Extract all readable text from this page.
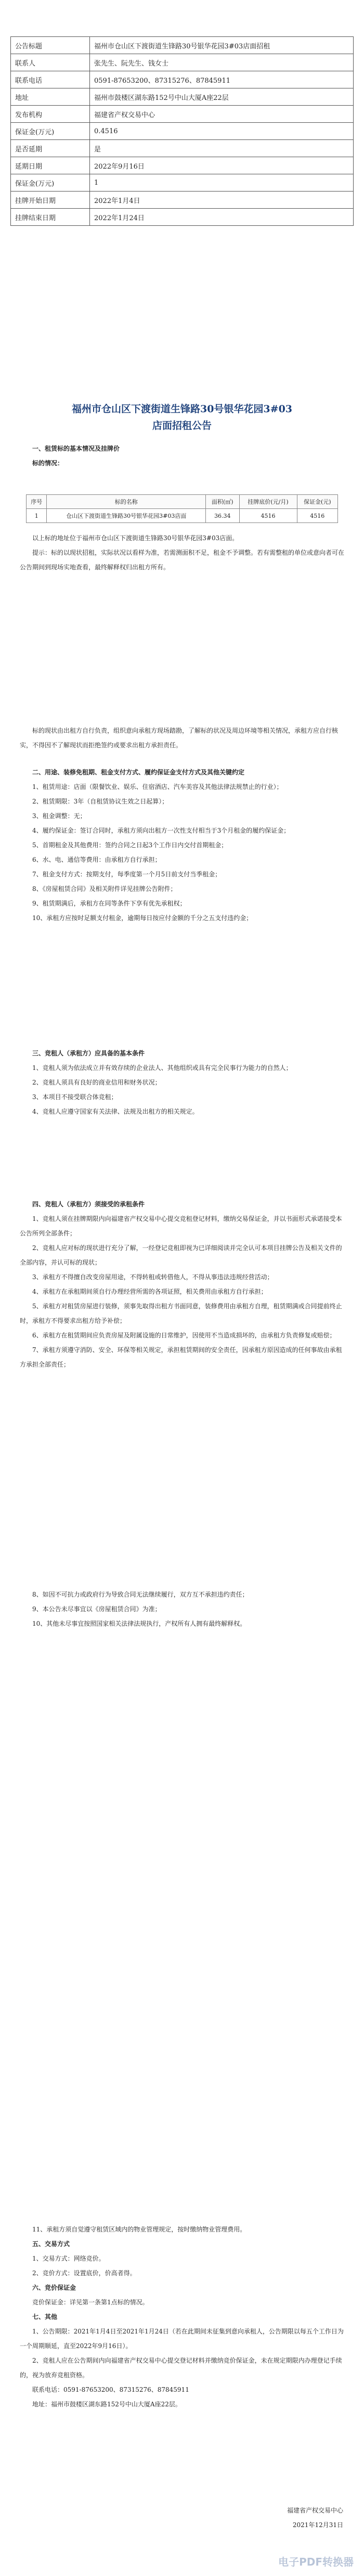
公告标题	福州市仓山区下渡街道生锋路30号银华花园3#03店面招租
联系人	张先生、阮先生、钱女士
联系电话	0591-87653200、87315276、87845911
地址	福州市鼓楼区湖东路152号中山大厦A座22层
发布机构	福建省产权交易中心
保证金(万元)	0.4516
是否延期	是
延期日期	2022年9月16日
保证金(万元)	1
挂牌开始日期	2022年1月4日
挂牌结束日期	2022年1月24日
福州市仓山区下渡街道生锋路30号银华花园3#03
店面招租公告

一、租赁标的基本情况及挂牌价

标的情况：

序号	标的名称	面积(㎡)	挂牌底价(元/月)	保证金(元)
1	仓山区下渡街道生锋路30号银华花园3#03店面	36.34	4516	4516

以上标的地址位于福州市仓山区下渡街道生锋路30号银华花园3#03店面。

提示：标的以现状招租，实际状况以看样为准，若需测面积不足，租金不予调整。若有需整租的单位或意向者可在公告期间到现场实地查看，最终解释权归出租方所有。

标的现状由出租方自行负责，组织意向承租方现场踏勘，了解标的状况及周边环境等相关情况，承租方应自行核实，不得因不了解现状而拒绝签约或要求出租方承担责任。

二、用途、装修免租期、租金支付方式、履约保证金支付方式及其他关键约定

1、租赁用途：店面（限餐饮业、娱乐、住宿酒店、汽车美容及其他法律法规禁止的行业）；

2、租赁期限：3年（自租赁协议生效之日起算）；

3、租金调整：无；

4、履约保证金：签订合同时，承租方须向出租方一次性支付相当于3个月租金的履约保证金；

5、首期租金及其他费用：签约合同之日起3个工作日内交付首期租金；

6、水、电、通信等费用：由承租方自行承担；

7、租金支付方式：按期支付，每季度第一个月5日前支付当季租金；

8、《房屋租赁合同》及相关附件详见挂牌公告附件；

9、租赁期满后，承租方在同等条件下享有优先承租权；

10、承租方应按时足额支付租金，逾期每日按应付金额的千分之五支付违约金；

三、竞租人（承租方）应具备的基本条件

1、竞租人须为依法成立并有效存续的企业法人、其他组织或具有完全民事行为能力的自然人；

2、竞租人须具有良好的商业信用和财务状况；

3、本项目不接受联合体竞租；

4、竞租人应遵守国家有关法律、法规及出租方的相关规定。

四、竞租人（承租方）须接受的承租条件

1、竞租人须在挂牌期限内向福建省产权交易中心提交竞租登记材料，缴纳交易保证金，并以书面形式承诺接受本公告所列全部条件；

2、竞租人应对标的现状进行充分了解，一经登记竞租即视为已详细阅读并完全认可本项目挂牌公告及相关文件的全部内容，并认可标的现状；

3、承租方不得擅自改变房屋用途，不得转租或转借他人，不得从事违法违规经营活动；

4、承租方在承租期间须自行办理经营所需的各项证照，相关费用由承租方自行承担；

5、承租方对租赁房屋进行装修，须事先取得出租方书面同意，装修费用由承租方自理，租赁期满或合同提前终止时，承租方不得要求出租方给予补偿；

6、承租方在租赁期间应负责房屋及附属设施的日常维护，因使用不当造成损坏的，由承租方负责修复或赔偿；

7、承租方须遵守消防、安全、环保等相关规定，承担租赁期间的安全责任，因承租方原因造成的任何事故由承租方承担全部责任；

8、如因不可抗力或政府行为导致合同无法继续履行，双方互不承担违约责任；

9、本公告未尽事宜以《房屋租赁合同》为准；

10、其他未尽事宜按照国家相关法律法规执行，产权所有人拥有最终解释权。

11、承租方须自觉遵守租赁区域内的物业管理规定，按时缴纳物业管理费用。

五、交易方式

1、交易方式：网络竞价。

2、竞价方式：设置底价，价高者得。

六、竞价保证金

竞价保证金：详见第一条第1点标的情况。

七、其他

1、公告期限：2021年1月4日至2021年1月24日（若在此期间未征集到意向承租人，公告期限以每五个工作日为一个周期顺延，直至2022年9月16日）。

2、竞租人应在公告期间内向福建省产权交易中心提交登记材料并缴纳竞价保证金，未在规定期限内办理登记手续的，视为放弃竞租资格。

联系电话：0591-87653200、87315276、87845911

地址：福州市鼓楼区湖东路152号中山大厦A座22层。

福建省产权交易中心
2021年12月31日
电子PDF转换器
